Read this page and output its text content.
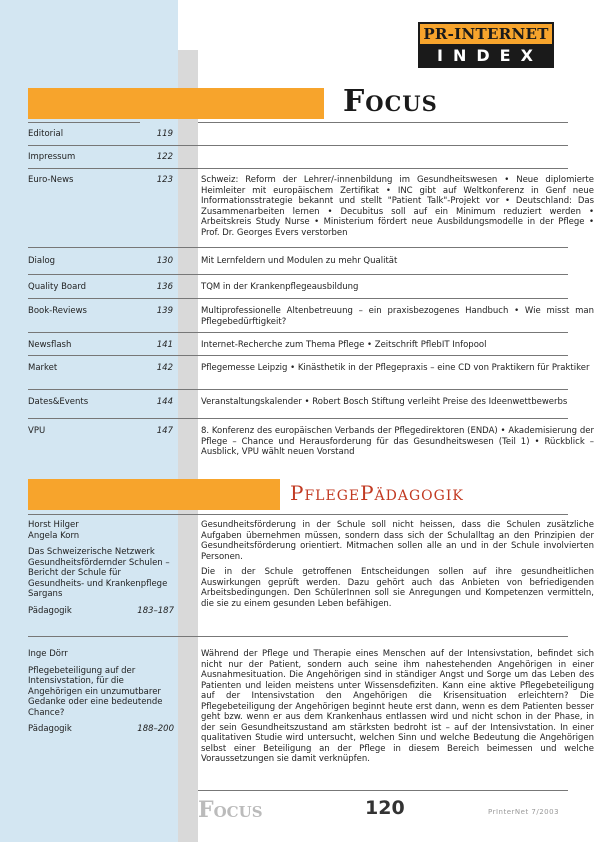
PR-INTERNET
INDEX
Focus
Editorial	119
Impressum	122
Euro-News	123	Schweiz: Reform der Lehrer/-innenbildung im Gesundheitswesen • Neue diplomierte Heimleiter mit europäischem Zertifikat • INC gibt auf Weltkonferenz in Genf neue Informationsstrategie bekannt und stellt "Patient Talk"-Projekt vor • Deutschland: Das Zusammenarbeiten lernen • Decubitus soll auf ein Minimum reduziert werden • Arbeitskreis Study Nurse • Ministerium fördert neue Ausbildungsmodelle in der Pflege • Prof. Dr. Georges Evers verstorben
Dialog	130	Mit Lernfeldern und Modulen zu mehr Qualität
Quality Board	136	TQM in der Krankenpflegeausbildung
Book-Reviews	139	Multiprofessionelle Altenbetreuung – ein praxisbezogenes Handbuch • Wie misst man Pflegebedürftigkeit?
Newsflash	141	Internet-Recherche zum Thema Pflege • Zeitschrift PflebIT Infopool
Market	142	Pflegemesse Leipzig • Kinästhetik in der Pflegepraxis – eine CD von Praktikern für Praktiker
Dates&Events	144	Veranstaltungskalender • Robert Bosch Stiftung verleiht Preise des Ideenwettbewerbs
VPU	147	8. Konferenz des europäischen Verbands der Pflegedirektoren (ENDA) • Akademisierung der Pflege – Chance und Herausforderung für das Gesundheitswesen (Teil 1) • Rückblick – Ausblick, VPU wählt neuen Vorstand
PflegePädagogik

Horst Hilger
Angela Korn

Das Schweizerische Netzwerk Gesundheitsfördernder Schulen – Bericht der Schule für Gesundheits- und Krankenpflege Sargans

Pädagogik	183–187

Gesundheitsförderung in der Schule soll nicht heissen, dass die Schulen zusätzliche Aufgaben übernehmen müssen, sondern dass sich der Schulalltag an den Prinzipien der Gesundheitsförderung orientiert. Mitmachen sollen alle an und in der Schule involvierten Personen.

Die in der Schule getroffenen Entscheidungen sollen auf ihre gesundheitlichen Auswirkungen geprüft werden. Dazu gehört auch das Anbieten von befriedigenden Arbeitsbedingungen. Den SchülerInnen soll sie Anregungen und Kompetenzen vermitteln, die sie zu einem gesunden Leben befähigen.

Inge Dörr

Pflegebeteiligung auf der Intensivstation, für die Angehörigen ein unzumutbarer Gedanke oder eine bedeutende Chance?

Pädagogik	188–200

Während der Pflege und Therapie eines Menschen auf der Intensivstation, befindet sich nicht nur der Patient, sondern auch seine ihm nahestehenden Angehörigen in einer Ausnahmesituation. Die Angehörigen sind in ständiger Angst und Sorge um das Leben des Patienten und leiden meistens unter Wissensdefiziten. Kann eine aktive Pflegebeteiligung auf der Intensivstation den Angehörigen die Krisensituation erleichtern? Die Pflegebeteiligung der Angehörigen beginnt heute erst dann, wenn es dem Patienten besser geht bzw. wenn er aus dem Krankenhaus entlassen wird und nicht schon in der Phase, in der sein Gesundheitszustand am stärksten bedroht ist – auf der Intensivstation. In einer qualitativen Studie wird untersucht, welchen Sinn und welche Bedeutung die Angehörigen selbst einer Beteiligung an der Pflege in diesem Bereich beimessen und welche Voraussetzungen sie damit verknüpfen.

Focus	120	PrInterNet 7/2003
